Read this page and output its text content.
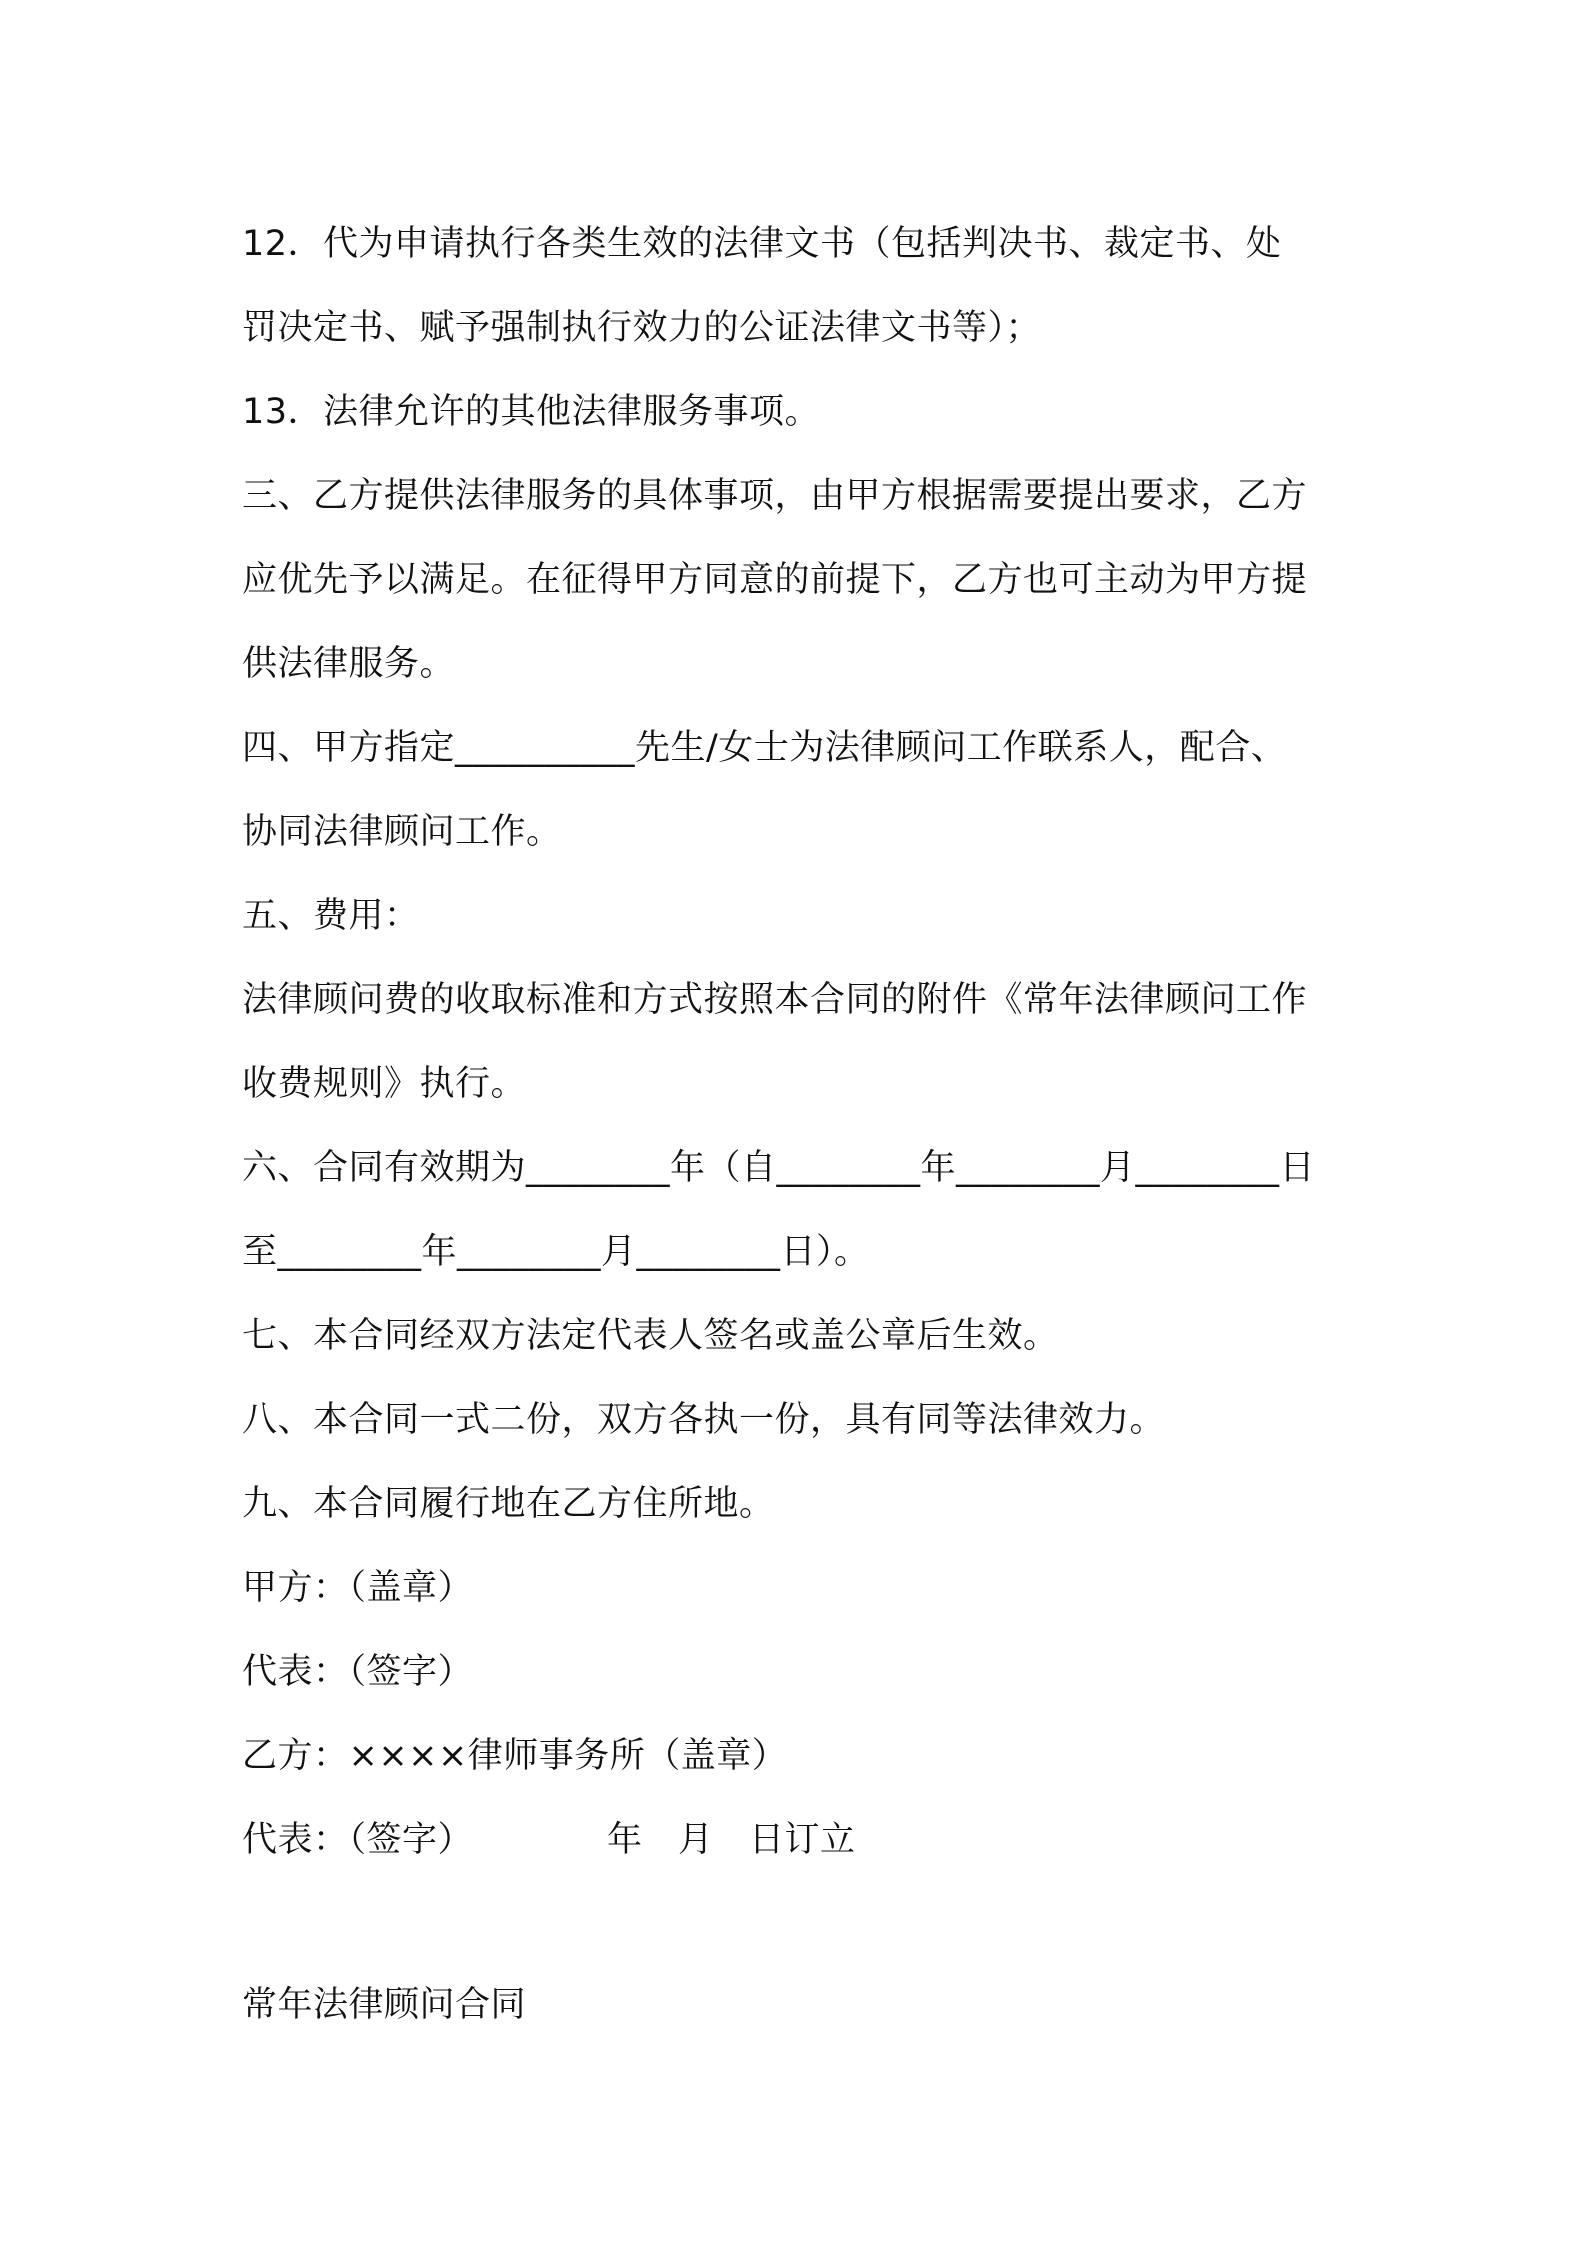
12．代为申请执行各类生效的法律文书（包括判决书、裁定书、处
罚决定书、赋予强制执行效力的公证法律文书等）；
13．法律允许的其他法律服务事项。
三、乙方提供法律服务的具体事项，由甲方根据需要提出要求，乙方
应优先予以满足。在征得甲方同意的前提下，乙方也可主动为甲方提
供法律服务。
四、甲方指定__________先生/女士为法律顾问工作联系人，配合、
协同法律顾问工作。
五、费用：
法律顾问费的收取标准和方式按照本合同的附件《常年法律顾问工作
收费规则》执行。
六、合同有效期为________年（自________年________月________日
至________年________月________日）。
七、本合同经双方法定代表人签名或盖公章后生效。
八、本合同一式二份，双方各执一份，具有同等法律效力。
九、本合同履行地在乙方住所地。
甲方：（盖章）
代表：（签字）
乙方：××××律师事务所（盖章）
代表：（签字）	年　月　日订立
常年法律顾问合同
